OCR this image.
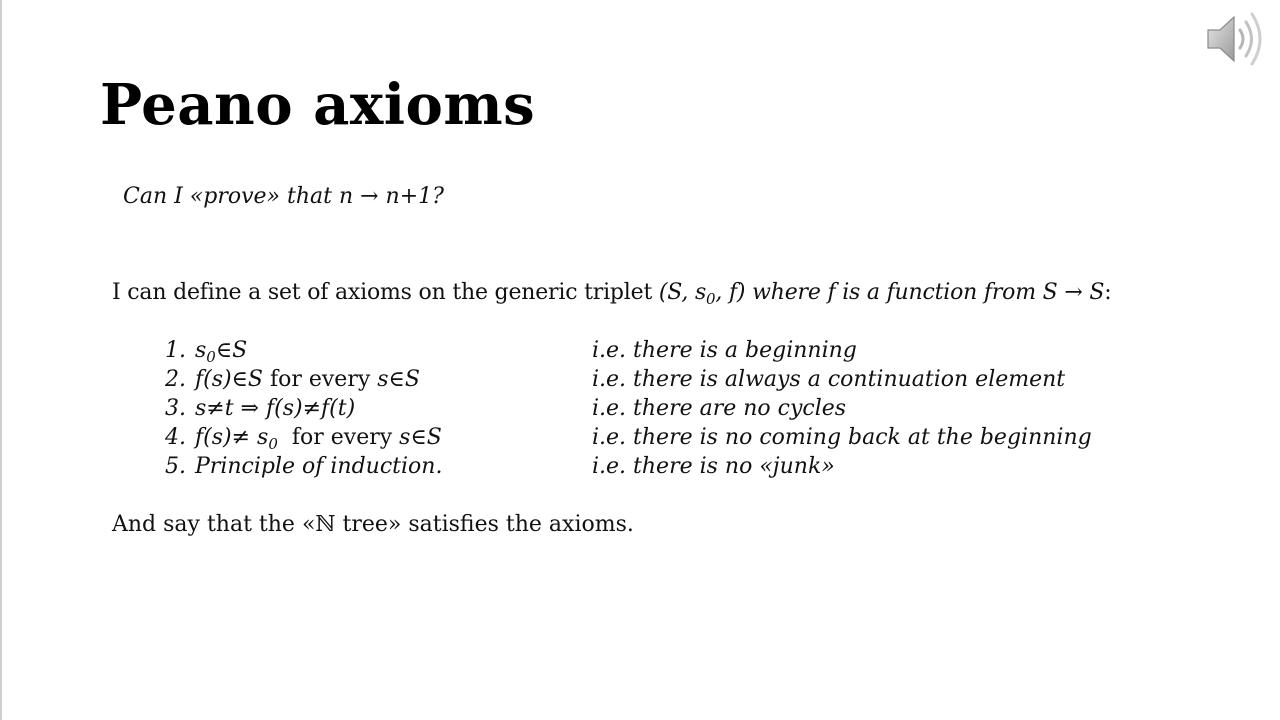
Peano axioms
Can I «prove» that n → n+1?
I can define a set of axioms on the generic triplet (S, $s_0$, f) where f is a function from S → S:
1. $s_0\in S$	i.e. there is a beginning
2. f(s)∈S for every s∈S	i.e. there is always a continuation element
3. s≠t ⇒ f(s)≠f(t)	i.e. there are no cycles
4. $f(s)\ne s_0$  for every s∈S	i.e. there is no coming back at the beginning
5. Principle of induction.	i.e. there is no «junk»
And say that the «ℕ tree» satisfies the axioms.
